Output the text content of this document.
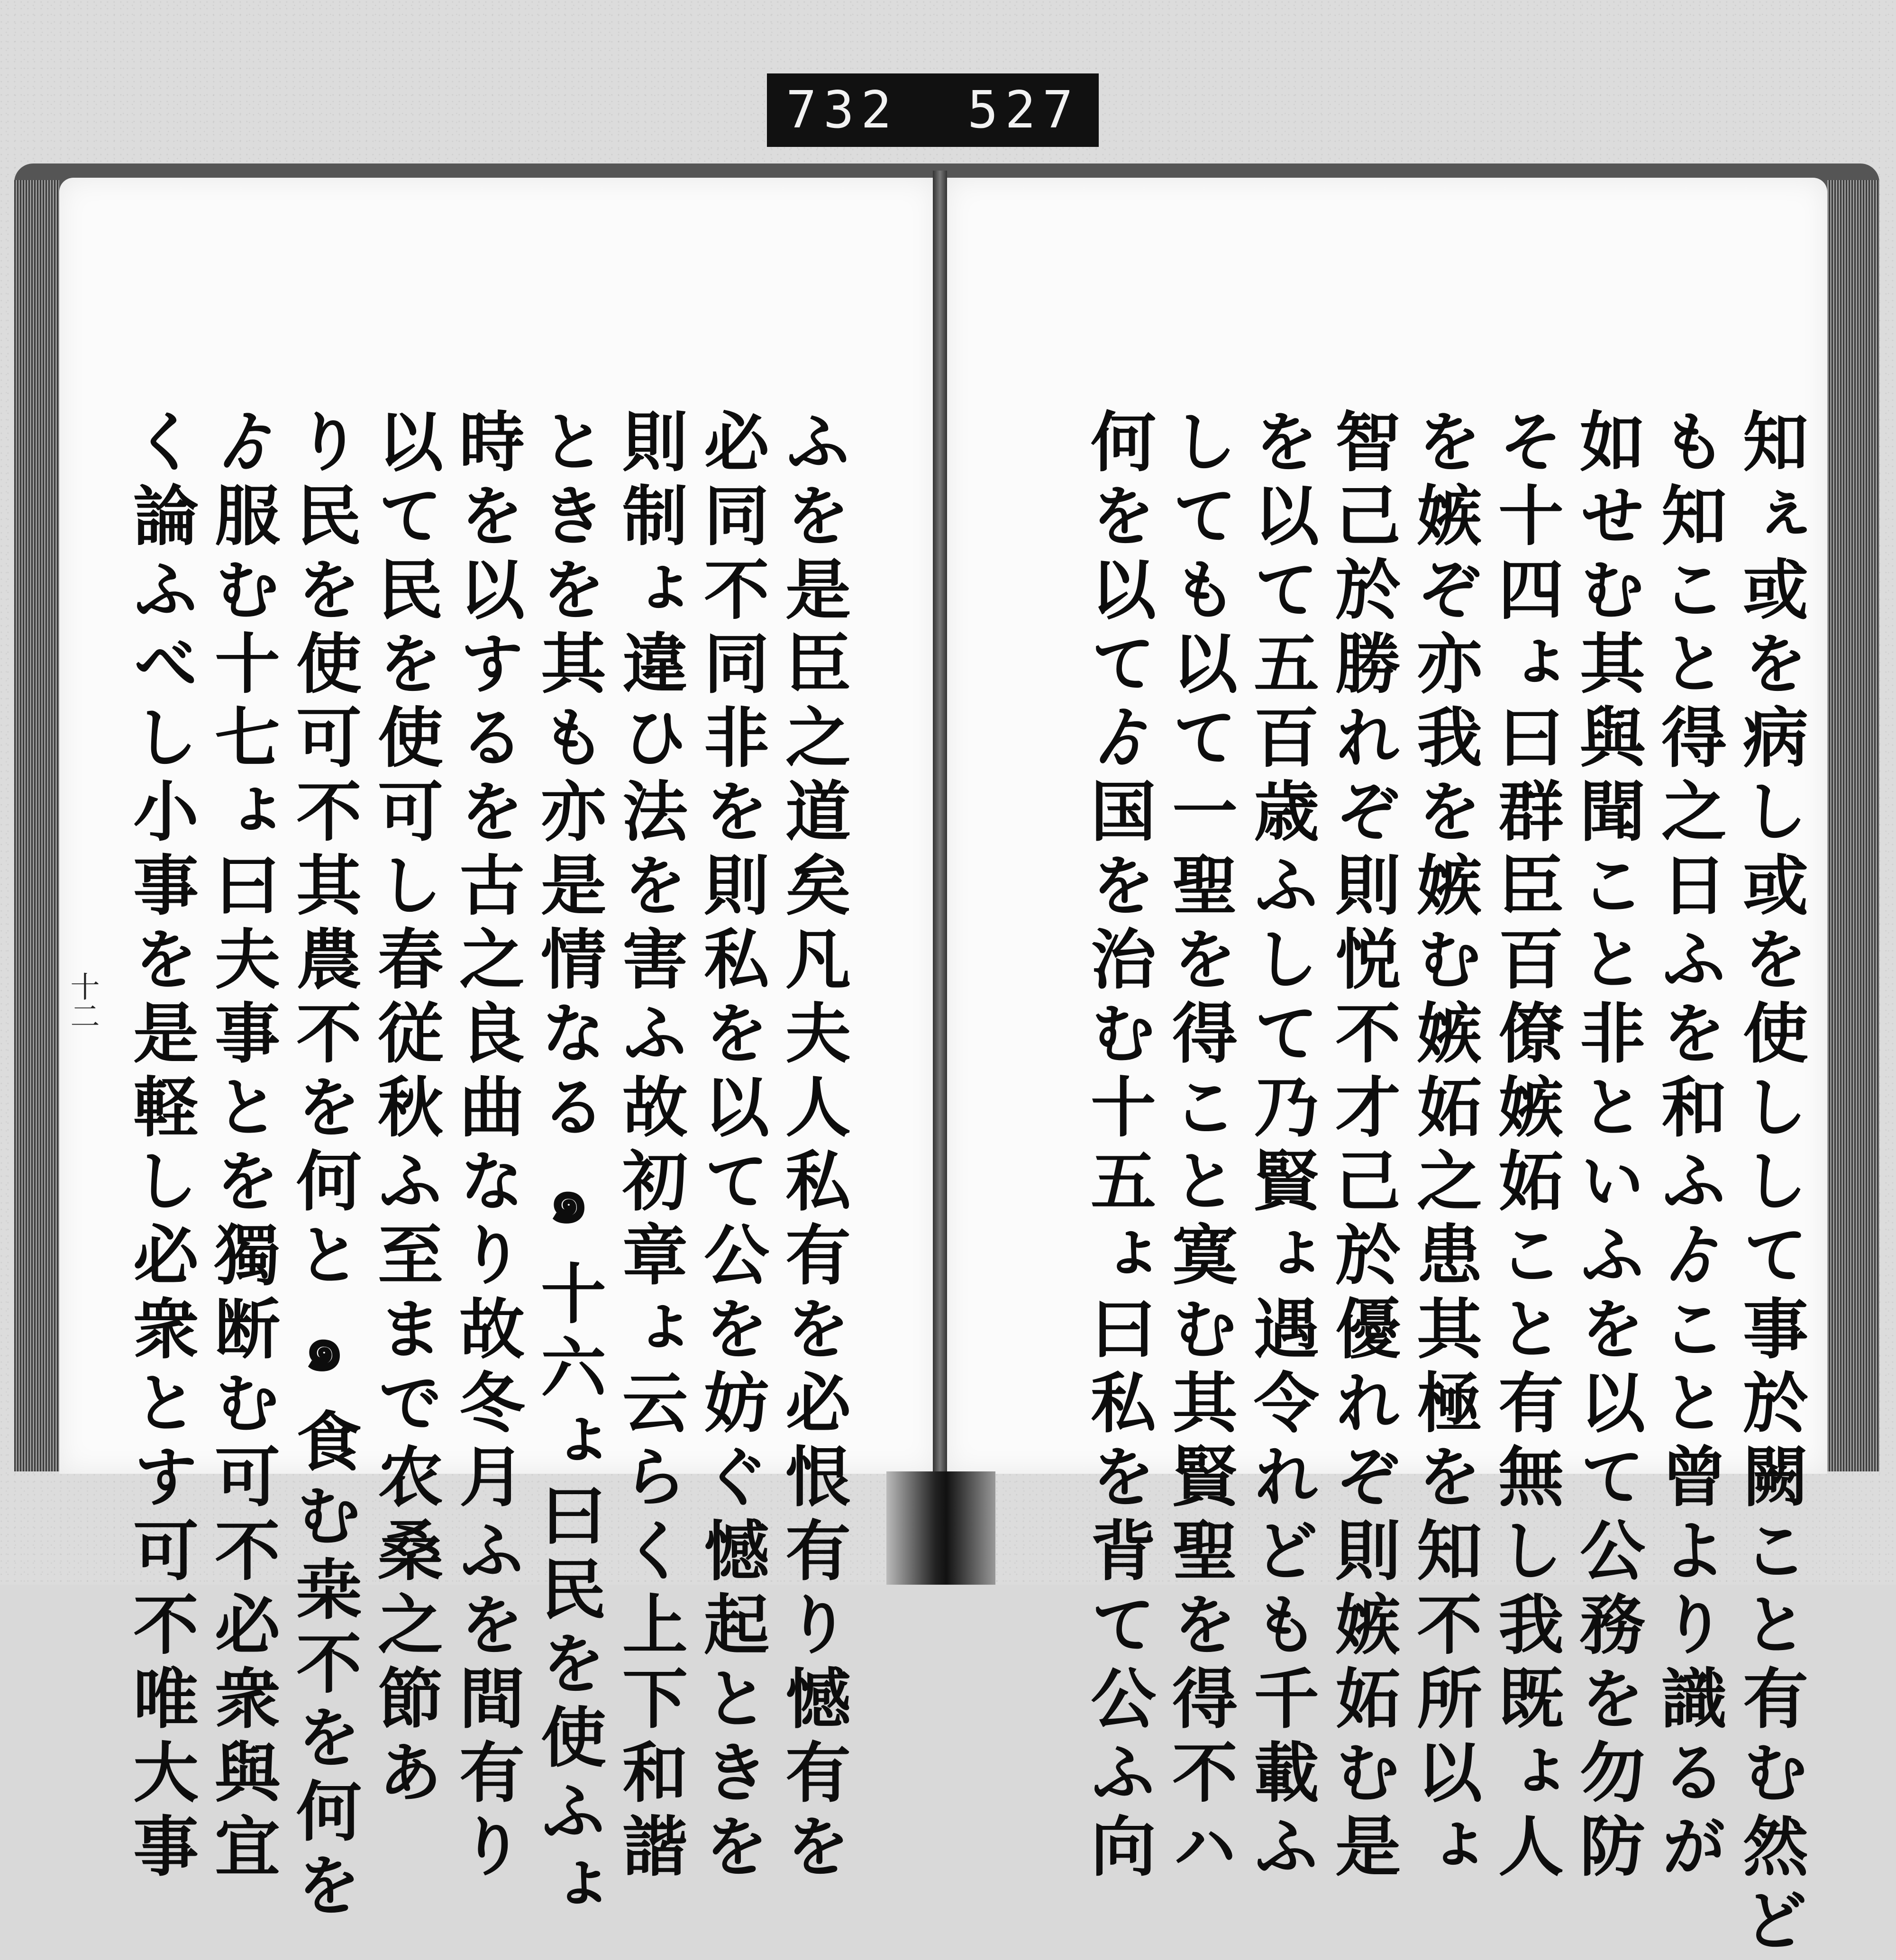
732 527
十二	ふを是臣之道矣凡夫人私有を必恨有り憾有を
必同不同非を則私を以て公を妨ぐ憾起ときを
則制ょ違ひ法を害ふ故初章ょ云らく上下和諧
ときを其も亦是情なる๑十六ょ曰民を使ふょ
時を以するを古之良曲なり故冬月ふを間有り
以て民を使可し春従秋ふ至まで农桑之節あ
り民を使可不其農不を何と๑食む桒不を何を
ゟ服む十七ょ曰夫事とを獨断む可不必衆與宜
く論ふべし小事を是軽し必衆とす可不唯大事	知ぇ或を病し或を使しして事於闕こと有む然ど
も知こと得之日ふを和ふゟこと曾より識るが
如せむ其與聞こと非といふを以て公務を勿防
そ十四ょ曰群臣百僚嫉妬こと有無し我既ょ人
を嫉ぞ亦我を嫉む嫉妬之患其極を知不所以ょ
智己於勝れぞ則悦不才己於優れぞ則嫉妬む是
を以て五百歳ふして乃賢ょ遇令れども千載ふ
しても以て一聖を得こと寞む其賢聖を得不ハ
何を以てゟ国を治む十五ょ曰私を背て公ふ向
